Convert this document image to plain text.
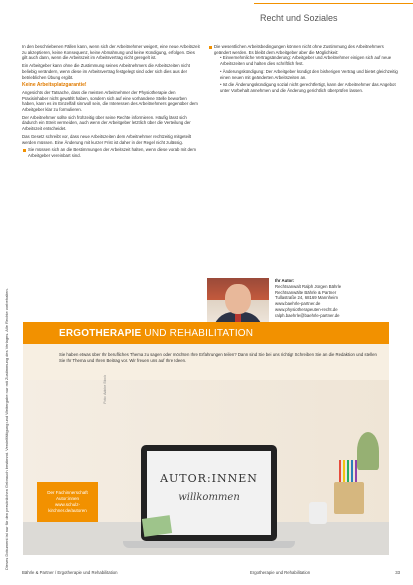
Dieses Dokument ist nur für den persönlichen Gebrauch bestimmt. Vervielfältigung und Weitergabe nur mit Zustimmung des Verlages. Alle Rechte vorbehalten.
Recht und Soziales

In den beschriebenen Fällen kann, wenn sich der Arbeitnehmer weigert, eine neue Arbeitszeit zu akzeptieren, keine Konsequenz, keine Abmahnung und keine Kündigung, erfolgen. Dies gilt auch dann, wenn die Arbeitszeit im Arbeitsvertrag nicht geregelt ist.

Ein Arbeitgeber kann ohne die Zustimmung seines Arbeitnehmers die Arbeitszeiten nicht beliebig verändern, wenn diese im Arbeitsvertrag festgelegt sind oder sich dies aus der betrieblichen Übung ergibt.

Keine Arbeitsplatzgarantie!

Angesichts der Tatsache, dass die meisten Arbeitnehmer der Physiotherapie den Praxisinhaber nicht gewählt haben, sondern sich auf eine vorhandene Stelle beworben haben, kann es im Einzelfall sinnvoll sein, die Interessen des Arbeitnehmers gegenüber dem Arbeitgeber klar zu formulieren.

Der Arbeitnehmer sollte sich frühzeitig über seine Rechte informieren. Häufig lässt sich dadurch ein Streit vermeiden, auch wenn der Arbeitgeber letztlich über die Verteilung der Arbeitszeit entscheidet.

Das Gesetz schreibt vor, dass neue Arbeitszeiten dem Arbeitnehmer rechtzeitig mitgeteilt werden müssen. Eine Änderung mit kurzer Frist ist daher in der Regel nicht zulässig.

Sie müssen sich an die Bestimmungen der Arbeitszeit halten, wenn diese vorab mit dem Arbeitgeber vereinbart sind.
Die wesentlichen Arbeitsbedingungen können nicht ohne Zustimmung des Arbeitnehmers geändert werden. Es bleibt dem Arbeitgeber aber die Möglichkeit:

• Einvernehmliche Vertragsänderung: Arbeitgeber und Arbeitnehmer einigen sich auf neue Arbeitszeiten und halten dies schriftlich fest.

• Änderungskündigung: Der Arbeitgeber kündigt den bisherigen Vertrag und bietet gleichzeitig einen neuen mit geänderten Arbeitszeiten an.

• Ist die Änderungskündigung sozial nicht gerechtfertigt, kann der Arbeitnehmer das Angebot unter Vorbehalt annehmen und die Änderung gerichtlich überprüfen lassen.

Ihr Autor:
Rechtsanwalt Ralph Jürgen Bährle
Rechtsanwälte Bährle & Partner
Tullastraße 24, 68169 Mannheim
www.baehrle-partner.de
www.physiotherapeuten-recht.de
ralph.baehrle@baehrle-partner.de
ERGOTHERAPIE UND REHABILITATION
Sie haben etwas über Ihr berufliches Thema zu sagen oder möchten Ihre Erfahrungen teilen? Dann sind Sie bei uns richtig! Schreiben Sie an die Redaktion und stellen Sie Ihr Thema und Ihren Beitrag vor. Wir freuen uns auf Ihre Ideen.
AUTOR:INNEN
willkommen
Foto: Adobe Stock
Der Fachinnerschaft
Autor:innen
www.schulz-kirchner.de/autoren
Bährle & Partner / Ergotherapie und Rehabilitation	Ergotherapie und Rehabilitation	33
